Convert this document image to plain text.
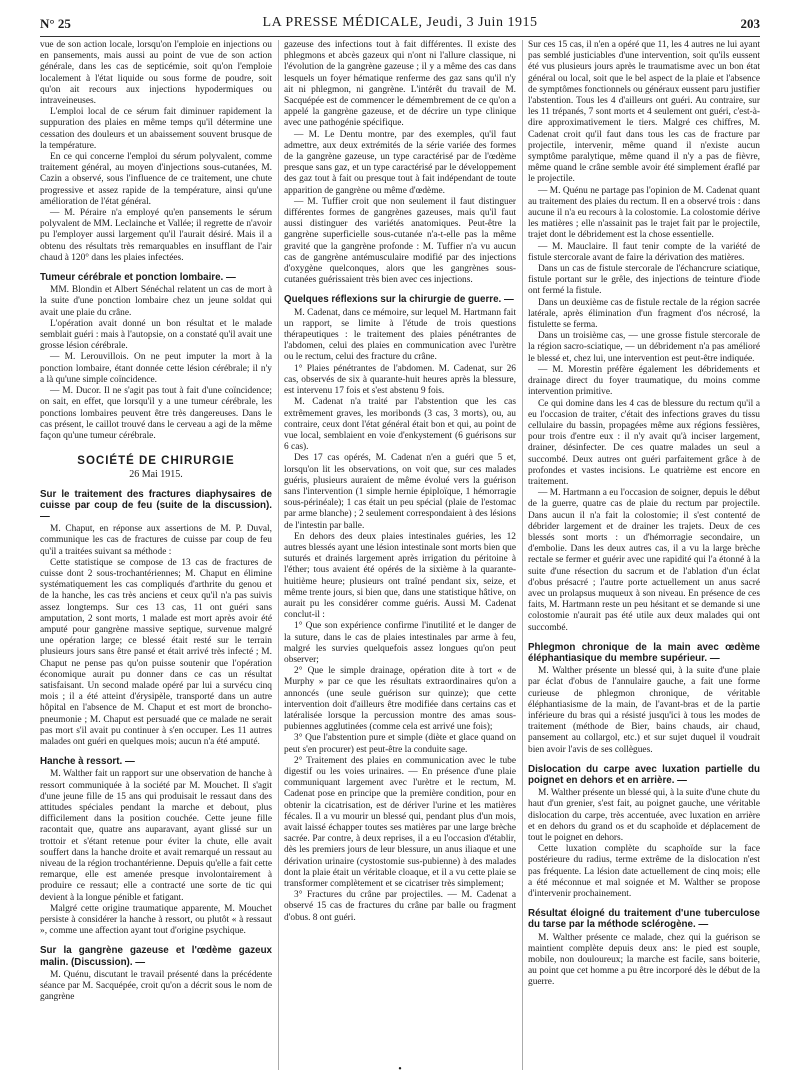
N° 25	LA PRESSE MÉDICALE, Jeudi, 3 Juin 1915	203

vue de son action locale, lorsqu'on l'emploie en injections ou en pansements, mais aussi au point de vue de son action générale, dans les cas de septicémie, soit qu'on l'emploie localement à l'état liquide ou sous forme de poudre, soit qu'on ait recours aux injections hypodermiques ou intraveineuses.

L'emploi local de ce sérum fait diminuer rapidement la suppuration des plaies en même temps qu'il détermine une cessation des douleurs et un abaissement souvent brusque de la température.

En ce qui concerne l'emploi du sérum polyvalent, comme traitement général, au moyen d'injections sous-cutanées, M. Cazin a observé, sous l'influence de ce traitement, une chute progressive et assez rapide de la température, ainsi qu'une amélioration de l'état général.

— M. Péraire n'a employé qu'en pansements le sérum polyvalent de MM. Leclainche et Vallée; il regrette de n'avoir pu l'employer aussi largement qu'il l'aurait désiré. Mais il a obtenu des résultats très remarquables en insufflant de l'air chaud à 120° dans les plaies infectées.

Tumeur cérébrale et ponction lombaire. —

MM. Blondin et Albert Sénéchal relatent un cas de mort à la suite d'une ponction lombaire chez un jeune soldat qui avait une plaie du crâne.

L'opération avait donné un bon résultat et le malade semblait guéri : mais à l'autopsie, on a constaté qu'il avait une grosse lésion cérébrale.

— M. Lerouvillois. On ne peut imputer la mort à la ponction lombaire, étant donnée cette lésion cérébrale; il n'y a là qu'une simple coïncidence.

— M. Ducor. Il ne s'agit pas tout à fait d'une coïncidence; on sait, en effet, que lorsqu'il y a une tumeur cérébrale, les ponctions lombaires peuvent être très dangereuses. Dans le cas présent, le caillot trouvé dans le cerveau a agi de la même façon qu'une tumeur cérébrale.

SOCIÉTÉ DE CHIRURGIE
26 Mai 1915.
Sur le traitement des fractures diaphysaires de cuisse par coup de feu (suite de la discussion). —

M. Chaput, en réponse aux assertions de M. P. Duval, communique les cas de fractures de cuisse par coup de feu qu'il a traitées suivant sa méthode :

Cette statistique se compose de 13 cas de fractures de cuisse dont 2 sous-trochantériennes; M. Chaput en élimine systématiquement les cas compliqués d'arthrite du genou et de la hanche, les cas très anciens et ceux qu'il n'a pas suivis assez longtemps. Sur ces 13 cas, 11 ont guéri sans amputation, 2 sont morts, 1 malade est mort après avoir été amputé pour gangrène massive septique, survenue malgré une opération large; ce blessé était resté sur le terrain plusieurs jours sans être pansé et était arrivé très infecté ; M. Chaput ne pense pas qu'on puisse soutenir que l'opération économique aurait pu donner dans ce cas un résultat satisfaisant. Un second malade opéré par lui a survécu cinq mois ; il a été atteint d'érysipèle, transporté dans un autre hôpital en l'absence de M. Chaput et est mort de broncho-pneumonie ; M. Chaput est persuadé que ce malade ne serait pas mort s'il avait pu continuer à s'en occuper. Les 11 autres malades ont guéri en quelques mois; aucun n'a été amputé.

Hanche à ressort. —

M. Walther fait un rapport sur une observation de hanche à ressort communiquée à la société par M. Mouchet. Il s'agit d'une jeune fille de 15 ans qui produisait le ressaut dans des attitudes spéciales pendant la marche et debout, plus difficilement dans la position couchée. Cette jeune fille racontait que, quatre ans auparavant, ayant glissé sur un trottoir et s'étant retenue pour éviter la chute, elle avait souffert dans la hanche droite et avait remarqué un ressaut au niveau de la région trochantérienne. Depuis qu'elle a fait cette remarque, elle est amenée presque involontairement à produire ce ressaut; elle a contracté une sorte de tic qui devient à la longue pénible et fatigant.

Malgré cette origine traumatique apparente, M. Mouchet persiste à considérer la hanche à ressort, ou plutôt « à ressaut », comme une affection ayant tout d'origine psychique.

Sur la gangrène gazeuse et l'œdème gazeux malin. (Discussion). —

M. Quénu, discutant le travail présenté dans la précédente séance par M. Sacquépée, croit qu'on a décrit sous le nom de gangrène

gazeuse des infections tout à fait différentes. Il existe des phlegmons et abcès gazeux qui n'ont ni l'allure classique, ni l'évolution de la gangrène gazeuse ; il y a même des cas dans lesquels un foyer hématique renferme des gaz sans qu'il n'y ait ni phlegmon, ni gangrène. L'intérêt du travail de M. Sacquépée est de commencer le démembrement de ce qu'on a appelé la gangrène gazeuse, et de décrire un type clinique avec une pathogénie spécifique.

— M. Le Dentu montre, par des exemples, qu'il faut admettre, aux deux extrémités de la série variée des formes de la gangrène gazeuse, un type caractérisé par de l'œdème presque sans gaz, et un type caractérisé par le développement des gaz tout à fait ou presque tout à fait indépendant de toute apparition de gangrène ou même d'œdème.

— M. Tuffier croit que non seulement il faut distinguer différentes formes de gangrènes gazeuses, mais qu'il faut aussi distinguer des variétés anatomiques. Peut-être la gangrène superficielle sous-cutanée n'a-t-elle pas la même gravité que la gangrène profonde : M. Tuffier n'a vu aucun cas de gangrène antémusculaire modifié par des injections d'oxygène quelconques, alors que les gangrènes sous-cutanées guérissaient très bien avec ces injections.

Quelques réflexions sur la chirurgie de guerre. —

M. Cadenat, dans ce mémoire, sur lequel M. Hartmann fait un rapport, se limite à l'étude de trois questions thérapeutiques : le traitement des plaies pénétrantes de l'abdomen, celui des plaies en communication avec l'urètre ou le rectum, celui des fracture du crâne.

1° Plaies pénétrantes de l'abdomen. M. Cadenat, sur 26 cas, observés de six à quarante-huit heures après la blessure, est intervenu 17 fois et s'est abstenu 9 fois.

M. Cadenat n'a traité par l'abstention que les cas extrêmement graves, les moribonds (3 cas, 3 morts), ou, au contraire, ceux dont l'état général était bon et qui, au point de vue local, semblaient en voie d'enkystement (6 guérisons sur 6 cas).

Des 17 cas opérés, M. Cadenat n'en a guéri que 5 et, lorsqu'on lit les observations, on voit que, sur ces malades guéris, plusieurs auraient de même évolué vers la guérison sans l'intervention (1 simple hernie épiploïque, 1 hémorragie sous-périnéale); 1 cas était un peu spécial (plaie de l'estomac par arme blanche) ; 2 seulement correspondaient à des lésions de l'intestin par balle.

En dehors des deux plaies intestinales guéries, les 12 autres blessés ayant une lésion intestinale sont morts bien que suturés et drainés largement après irrigation du péritoine à l'éther; tous avaient été opérés de la sixième à la quarante-huitième heure; plusieurs ont traîné pendant six, seize, et même trente jours, si bien que, dans une statistique hâtive, on aurait pu les considérer comme guéris. Aussi M. Cadenat conclut-il :

1° Que son expérience confirme l'inutilité et le danger de la suture, dans le cas de plaies intestinales par arme à feu, malgré les survies quelquefois assez longues qu'on peut observer;

2° Que le simple drainage, opération dite à tort « de Murphy » par ce que les résultats extraordinaires qu'on a annoncés (une seule guérison sur quinze); que cette intervention doit d'ailleurs être modifiée dans certains cas et latéralisée lorsque la percussion montre des amas sous-pubiennes agglutinées (comme cela est arrivé une fois);

3° Que l'abstention pure et simple (diète et glace quand on peut s'en procurer) est peut-être la conduite sage.

2° Traitement des plaies en communication avec le tube digestif ou les voies urinaires. — En présence d'une plaie communiquant largement avec l'urètre et le rectum, M. Cadenat pose en principe que la première condition, pour en obtenir la cicatrisation, est de dériver l'urine et les matières fécales. Il a vu mourir un blessé qui, pendant plus d'un mois, avait laissé échapper toutes ses matières par une large brèche sacrée. Par contre, à deux reprises, il a eu l'occasion d'établir, dès les premiers jours de leur blessure, un anus iliaque et une dérivation urinaire (cystostomie sus-pubienne) à des malades dont la plaie était un véritable cloaque, et il a vu cette plaie se transformer complètement et se cicatriser très simplement;

3° Fractures du crâne par projectiles. — M. Cadenat a observé 15 cas de fractures du crâne par balle ou fragment d'obus. 8 ont guéri.

Sur ces 15 cas, il n'en a opéré que 11, les 4 autres ne lui ayant pas semblé justiciables d'une intervention, soit qu'ils eussent été vus plusieurs jours après le traumatisme avec un bon état général ou local, soit que le bel aspect de la plaie et l'absence de symptômes fonctionnels ou généraux eussent paru justifier l'abstention. Tous les 4 d'ailleurs ont guéri. Au contraire, sur les 11 trépanés, 7 sont morts et 4 seulement ont guéri, c'est-à-dire approximativement le tiers. Malgré ces chiffres, M. Cadenat croit qu'il faut dans tous les cas de fracture par projectile, intervenir, même quand il n'existe aucun symptôme paralytique, même quand il n'y a pas de fièvre, même quand le crâne semble avoir été simplement éraflé par le projectile.

— M. Quénu ne partage pas l'opinion de M. Cadenat quant au traitement des plaies du rectum. Il en a observé trois : dans aucune il n'a eu recours à la colostomie. La colostomie dérive les matières ; elle n'assainit pas le trajet fait par le projectile, trajet dont le débridement est la chose essentielle.

— M. Mauclaire. Il faut tenir compte de la variété de fistule stercorale avant de faire la dérivation des matières.

Dans un cas de fistule stercorale de l'échancrure sciatique, fistule portant sur le grêle, des injections de teinture d'iode ont fermé la fistule.

Dans un deuxième cas de fistule rectale de la région sacrée latérale, après élimination d'un fragment d'os nécrosé, la fistulette se ferma.

Dans un troisième cas, — une grosse fistule stercorale de la région sacro-sciatique, — un débridement n'a pas amélioré le blessé et, chez lui, une intervention est peut-être indiquée.

— M. Morestin préfère également les débridements et drainage direct du foyer traumatique, du moins comme intervention primitive.

Ce qui domine dans les 4 cas de blessure du rectum qu'il a eu l'occasion de traiter, c'était des infections graves du tissu cellulaire du bassin, propagées même aux régions fessières, pour trois d'entre eux : il n'y avait qu'à inciser largement, drainer, désinfecter. De ces quatre malades un seul a succombé. Deux autres ont guéri parfaitement grâce à de profondes et vastes incisions. Le quatrième est encore en traitement.

— M. Hartmann a eu l'occasion de soigner, depuis le début de la guerre, quatre cas de plaie du rectum par projectile. Dans aucun il n'a fait la colostomie; il s'est contenté de débrider largement et de drainer les trajets. Deux de ces blessés sont morts : un d'hémorragie secondaire, un d'embolie. Dans les deux autres cas, il a vu la large brèche rectale se fermer et guérir avec une rapidité qui l'a étonné à la suite d'une résection du sacrum et de l'ablation d'un éclat d'obus présacré ; l'autre porte actuellement un anus sacré avec un prolapsus muqueux à son niveau. En présence de ces faits, M. Hartmann reste un peu hésitant et se demande si une colostomie n'aurait pas été utile aux deux malades qui ont succombé.

Phlegmon chronique de la main avec œdème éléphantiasique du membre supérieur. —

M. Walther présente un blessé qui, à la suite d'une plaie par éclat d'obus de l'annulaire gauche, a fait une forme curieuse de phlegmon chronique, de véritable éléphantiasisme de la main, de l'avant-bras et de la partie inférieure du bras qui a résisté jusqu'ici à tous les modes de traitement (méthode de Bier, bains chauds, air chaud, pansement au collargol, etc.) et sur sujet duquel il voudrait bien avoir l'avis de ses collègues.

Dislocation du carpe avec luxation partielle du poignet en dehors et en arrière. —

M. Walther présente un blessé qui, à la suite d'une chute du haut d'un grenier, s'est fait, au poignet gauche, une véritable dislocation du carpe, très accentuée, avec luxation en arrière et en dehors du grand os et du scaphoïde et déplacement de tout le poignet en dehors.

Cette luxation complète du scaphoïde sur la face postérieure du radius, terme extrême de la dislocation n'est pas fréquente. La lésion date actuellement de cinq mois; elle a été méconnue et mal soignée et M. Walther se propose d'intervenir prochainement.

Résultat éloigné du traitement d'une tuberculose du tarse par la méthode sclérogène. —

M. Walther présente ce malade, chez qui la guérison se maintient complète depuis deux ans: le pied est souple, mobile, non douloureux; la marche est facile, sans boiterie, au point que cet homme a pu être incorporé dès le début de la guerre.

•
